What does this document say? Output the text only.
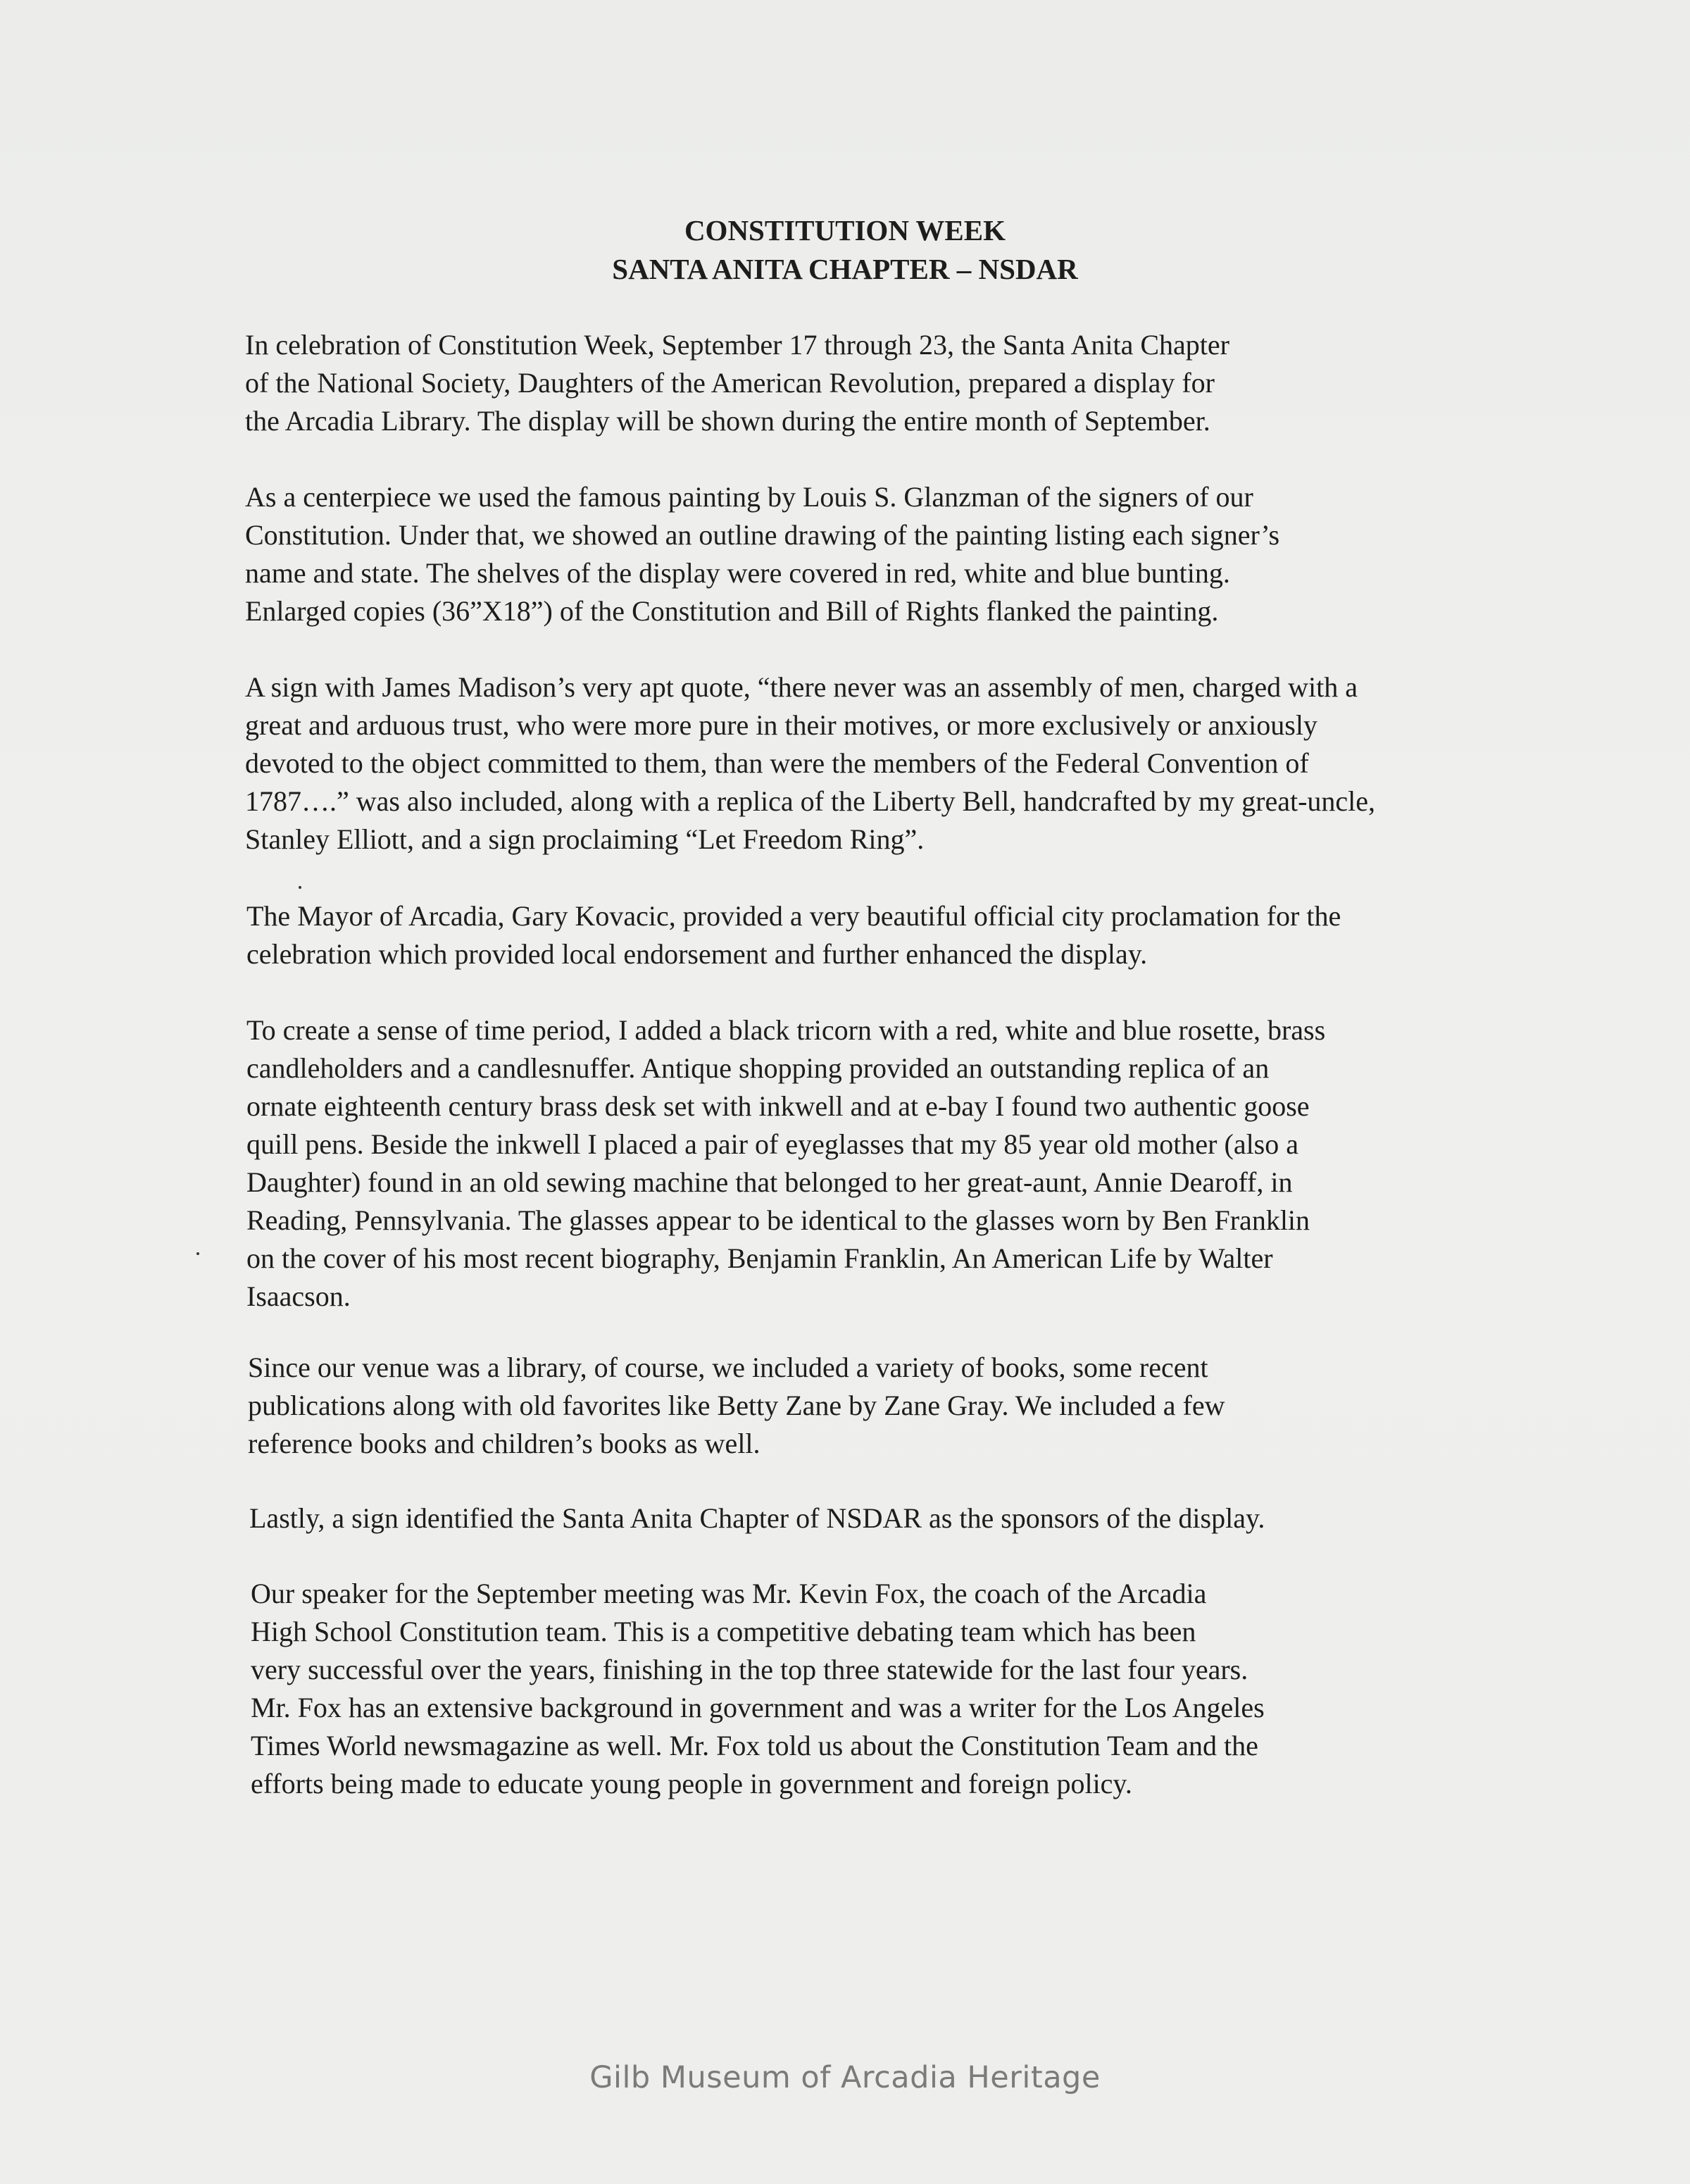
CONSTITUTION WEEK

SANTA ANITA CHAPTER – NSDAR

In celebration of Constitution Week, September 17 through 23, the Santa Anita Chapter
of the National Society, Daughters of the American Revolution, prepared a display for
the Arcadia Library. The display will be shown during the entire month of September.

As a centerpiece we used the famous painting by Louis S. Glanzman of the signers of our
Constitution. Under that, we showed an outline drawing of the painting listing each signer’s
name and state. The shelves of the display were covered in red, white and blue bunting.
Enlarged copies (36”X18”) of the Constitution and Bill of Rights flanked the painting.

A sign with James Madison’s very apt quote, “there never was an assembly of men, charged with a
great and arduous trust, who were more pure in their motives, or more exclusively or anxiously
devoted to the object committed to them, than were the members of the Federal Convention of
1787….” was also included, along with a replica of the Liberty Bell, handcrafted by my great-uncle,
Stanley Elliott, and a sign proclaiming “Let Freedom Ring”.

The Mayor of Arcadia, Gary Kovacic, provided a very beautiful official city proclamation for the
celebration which provided local endorsement and further enhanced the display.

To create a sense of time period, I added a black tricorn with a red, white and blue rosette, brass
candleholders and a candlesnuffer. Antique shopping provided an outstanding replica of an
ornate eighteenth century brass desk set with inkwell and at e-bay I found two authentic goose
quill pens. Beside the inkwell I placed a pair of eyeglasses that my 85 year old mother (also a
Daughter) found in an old sewing machine that belonged to her great-aunt, Annie Dearoff, in
Reading, Pennsylvania. The glasses appear to be identical to the glasses worn by Ben Franklin
on the cover of his most recent biography, Benjamin Franklin, An American Life by Walter
Isaacson.

Since our venue was a library, of course, we included a variety of books, some recent
publications along with old favorites like Betty Zane by Zane Gray. We included a few
reference books and children’s books as well.

Lastly, a sign identified the Santa Anita Chapter of NSDAR as the sponsors of the display.

Our speaker for the September meeting was Mr. Kevin Fox, the coach of the Arcadia
High School Constitution team. This is a competitive debating team which has been
very successful over the years, finishing in the top three statewide for the last four years.
Mr. Fox has an extensive background in government and was a writer for the Los Angeles
Times World newsmagazine as well. Mr. Fox told us about the Constitution Team and the
efforts being made to educate young people in government and foreign policy.

Gilb Museum of Arcadia Heritage
